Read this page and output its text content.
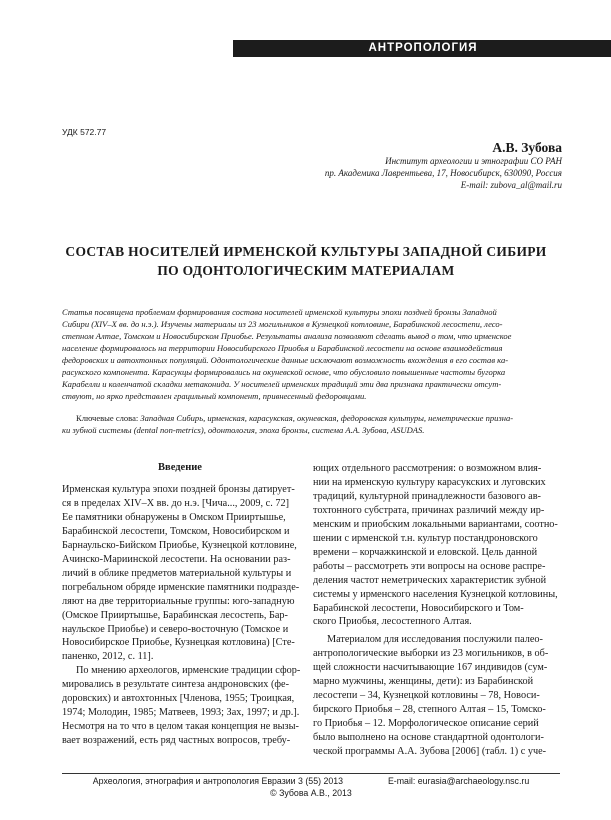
АНТРОПОЛОГИЯ
УДК 572.77
А.В. Зубова
Институт археологии и этнографии СО РАН
пр. Академика Лаврентьева, 17, Новосибирск, 630090, Россия
E-mail: zubova_al@mail.ru
СОСТАВ НОСИТЕЛЕЙ ИРМЕНСКОЙ КУЛЬТУРЫ ЗАПАДНОЙ СИБИРИ
ПО ОДОНТОЛОГИЧЕСКИМ МАТЕРИАЛАМ
Статья посвящена проблемам формирования состава носителей ирменской культуры эпохи поздней бронзы Западной
Сибири (XIV–X вв. до н.э.). Изучены материалы из 23 могильников в Кузнецкой котловине, Барабинской лесостепи, лесо-
степном Алтае, Томском и Новосибирском Приобье. Результаты анализа позволяют сделать вывод о том, что ирменское
население формировалось на территории Новосибирского Приобья и Барабинской лесостепи на основе взаимодействия
федоровских и автохтонных популяций. Одонтологические данные исключают возможность вхождения в его состав ка-
расукского компонента. Карасукцы формировались на окуневской основе, что обусловило повышенные частоты бугорка
Карабелли и коленчатой складки метаконида. У носителей ирменских традиций эти два признака практически отсут-
ствуют, но ярко представлен грацильный компонент, привнесенный федоровцами.
Ключевые слова: Западная Сибирь, ирменская, карасукская, окуневская, федоровская культуры, неметрические призна-
ки зубной системы (dental non-metrics), одонтология, эпоха бронзы, система А.А. Зубова, ASUDAS.
Введение
Ирменская культура эпохи поздней бронзы датирует-
ся в пределах XIV–X вв. до н.э. [Чича..., 2009, с. 72]
Ее памятники обнаружены в Омском Прииртышье,
Барабинской лесостепи, Томском, Новосибирском и
Барнаульско-Бийском Приобье, Кузнецкой котловине,
Ачинско-Мариинской лесостепи. На основании раз-
личий в облике предметов материальной культуры и
погребальном обряде ирменские памятники подразде-
ляют на две территориальные группы: юго-западную
(Омское Прииртышье, Барабинская лесостепь, Бар-
наульское Приобье) и северо-восточную (Томское и
Новосибирское Приобье, Кузнецкая котловина) [Сте-
паненко, 2012, с. 11].
По мнению археологов, ирменские традиции сфор-
мировались в результате синтеза андроновских (фе-
доровских) и автохтонных [Членова, 1955; Троицкая,
1974; Молодин, 1985; Матвеев, 1993; Зах, 1997; и др.].
Несмотря на то что в целом такая концепция не вызы-
вает возражений, есть ряд частных вопросов, требу-
ющих отдельного рассмотрения: о возможном влия-
нии на ирменскую культуру карасукских и луговских
традиций, культурной принадлежности базового ав-
тохтонного субстрата, причинах различий между ир-
менским и приобским локальными вариантами, соотно-
шении с ирменской т.н. культур постандроновского
времени – корчажкинской и еловской. Цель данной
работы – рассмотреть эти вопросы на основе распре-
деления частот неметрических характеристик зубной
системы у ирменского населения Кузнецкой котловины,
Барабинской лесостепи, Новосибирского и Том-
ского Приобья, лесостепного Алтая.
Материалом для исследования послужили палео-
антропологические выборки из 23 могильников, в об-
щей сложности насчитывающие 167 индивидов (сум-
марно мужчины, женщины, дети): из Барабинской
лесостепи – 34, Кузнецкой котловины – 78, Новоси-
бирского Приобья – 28, степного Алтая – 15, Томско-
го Приобья – 12. Морфологическое описание серий
было выполнено на основе стандартной одонтологи-
ческой программы А.А. Зубова [2006] (табл. 1) с уче-
Археология, этнография и антропология Евразии 3 (55) 2013	E-mail: eurasia@archaeology.nsc.ru
© Зубова А.В., 2013
